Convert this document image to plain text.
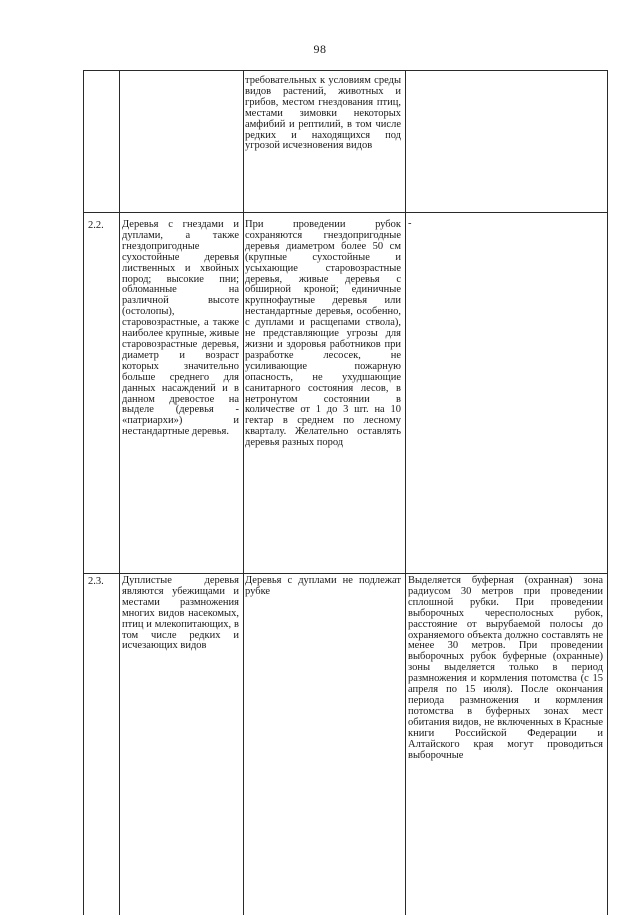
98
требовательных к условиям среды видов растений, животных и грибов, местом гнездования птиц, местами зимовки некоторых амфибий и рептилий, в том числе редких и находящихся под угрозой исчезновения видов
2.2. Деревья с гнездами и дуплами, а также гнездопригодные сухостойные деревья лиственных и хвойных пород; высокие пни; обломанные на различной высоте (остолопы), старовозрастные, а также наиболее крупные, живые старовозрастные деревья, диаметр и возраст которых значительно больше среднего для данных насаждений и в данном древостое на выделе (деревья - «патриархи») и нестандартные деревья.
При проведении рубок сохраняются гнездопригодные деревья диаметром более 50 см (крупные сухостойные и усыхающие старовозрастные деревья, живые деревья с обширной кроной; единичные крупнофаутные деревья или нестандартные деревья, особенно, с дуплами и расщепами ствола), не представляющие угрозы для жизни и здоровья работников при разработке лесосек, не усиливающие пожарную опасность, не ухудшающие санитарного состояния лесов, в нетронутом состоянии в количестве от 1 до 3 шт. на 10 гектар в среднем по лесному кварталу. Желательно оставлять деревья разных пород
-
2.3. Дуплистые деревья являются убежищами и местами размножения многих видов насекомых, птиц и млекопитающих, в том числе редких и исчезающих видов
Деревья с дуплами не подлежат рубке
Выделяется буферная (охранная) зона радиусом 30 метров при проведении сплошной рубки. При проведении выборочных чересполосных рубок, расстояние от вырубаемой полосы до охраняемого объекта должно составлять не менее 30 метров. При проведении выборочных рубок буферные (охранные) зоны выделяется только в период размножения и кормления потомства (с 15 апреля по 15 июля). После окончания периода размножения и кормления потомства в буферных зонах мест обитания видов, не включенных в Красные книги Российской Федерации и Алтайского края могут проводиться выборочные
